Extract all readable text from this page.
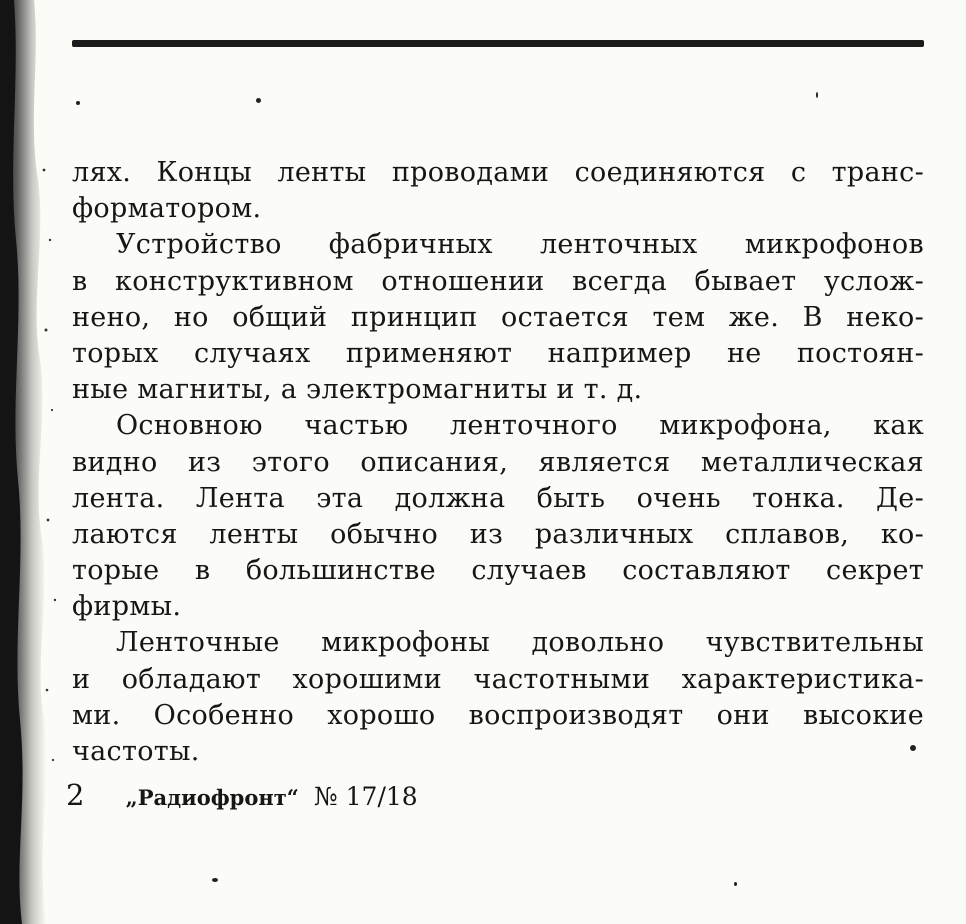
лях. Концы ленты проводами соединяются с транс-
форматором.
Устройство фабричных ленточных микрофонов
в конструктивном отношении всегда бывает услож-
нено, но общий принцип остается тем же. В неко-
торых случаях применяют например не постоян-
ные магниты, а электромагниты и т. д.
Основною частью ленточного микрофона, как
видно из этого описания, является металлическая
лента. Лента эта должна быть очень тонка. Де-
лаются ленты обычно из различных сплавов, ко-
торые в большинстве случаев составляют секрет
фирмы.
Ленточные микрофоны довольно чувствительны
и обладают хорошими частотными характеристика-
ми. Особенно хорошо воспроизводят они высокие
частоты.
2 „Радиофронт“ № 17/18
